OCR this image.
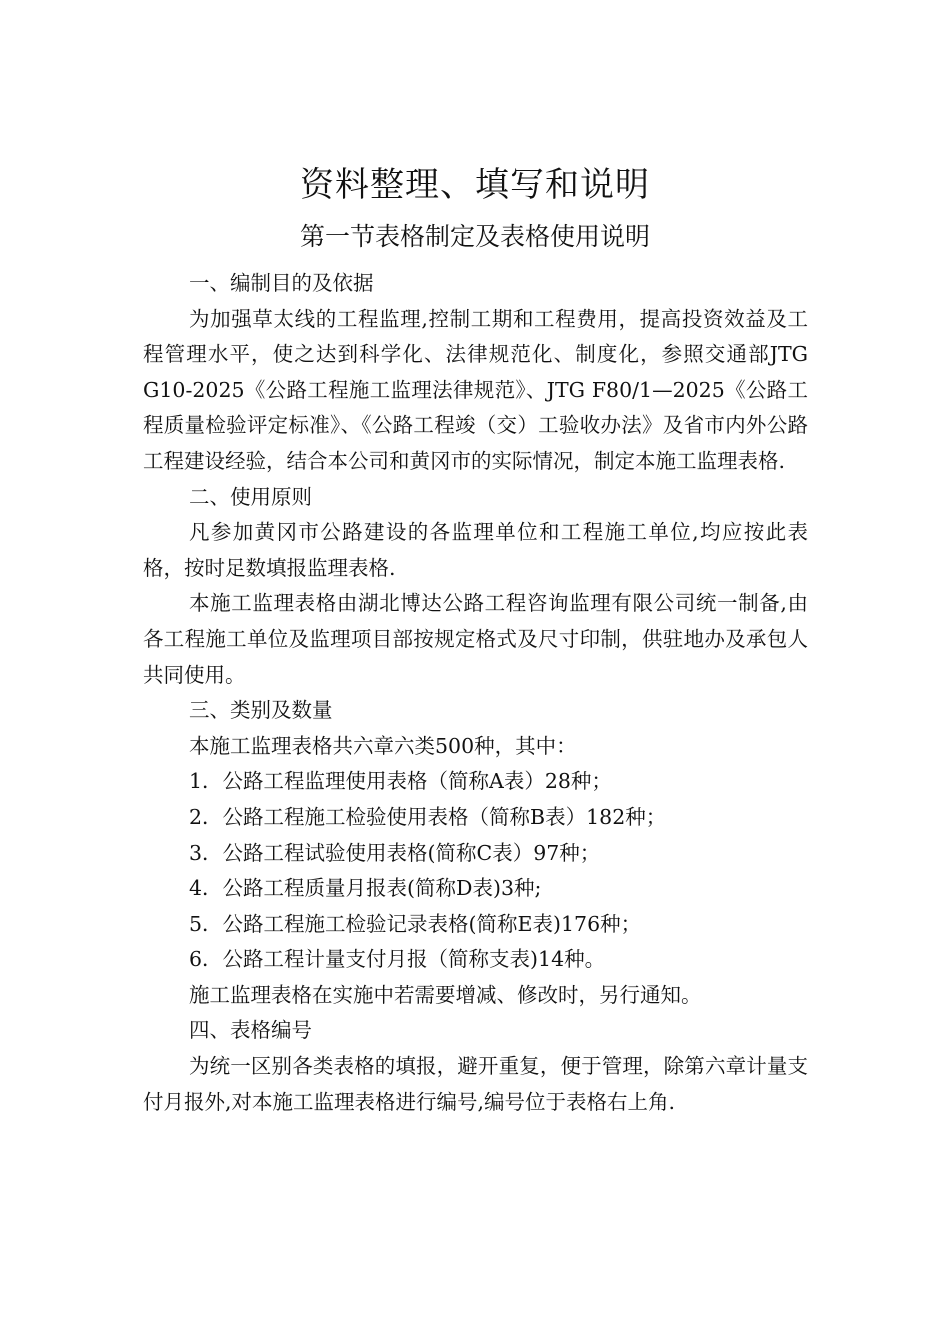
资料整理、填写和说明
第一节表格制定及表格使用说明

一、编制目的及依据

为加强草太线的工程监理,控制工期和工程费用，提高投资效益及工程管理水平，使之达到科学化、法律规范化、制度化，参照交通部JTG G10-2025《公路工程施工监理法律规范》、JTG F80/1—2025《公路工程质量检验评定标准》、《公路工程竣（交）工验收办法》及省市内外公路工程建设经验，结合本公司和黄冈市的实际情况，制定本施工监理表格.

二、使用原则

凡参加黄冈市公路建设的各监理单位和工程施工单位,均应按此表格，按时足数填报监理表格.

本施工监理表格由湖北博达公路工程咨询监理有限公司统一制备,由各工程施工单位及监理项目部按规定格式及尺寸印制，供驻地办及承包人共同使用。

三、类别及数量

本施工监理表格共六章六类500种，其中：

1．公路工程监理使用表格（简称A表）28种；

2．公路工程施工检验使用表格（简称B表）182种；

3．公路工程试验使用表格(简称C表）97种；

4．公路工程质量月报表(简称D表)3种;

5．公路工程施工检验记录表格(简称E表)176种；

6．公路工程计量支付月报（简称支表)14种。

施工监理表格在实施中若需要增减、修改时，另行通知。

四、表格编号

为统一区别各类表格的填报，避开重复，便于管理，除第六章计量支付月报外,对本施工监理表格进行编号,编号位于表格右上角.
